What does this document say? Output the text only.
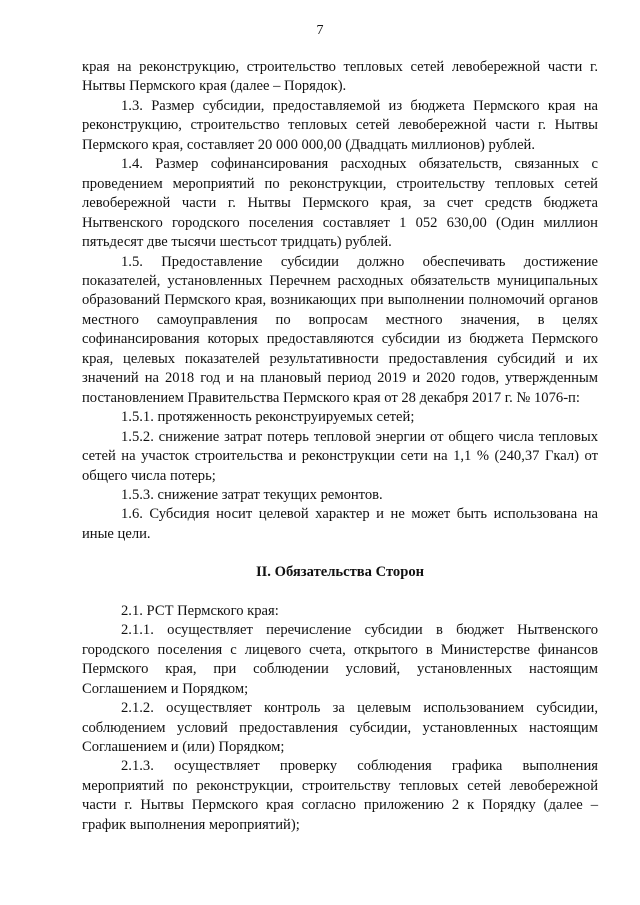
7

края на реконструкцию, строительство тепловых сетей левобережной части г. Нытвы Пермского края (далее – Порядок).

1.3. Размер субсидии, предоставляемой из бюджета Пермского края на реконструкцию, строительство тепловых сетей левобережной части г. Нытвы Пермского края, составляет 20 000 000,00 (Двадцать миллионов) рублей.

1.4. Размер софинансирования расходных обязательств, связанных с проведением мероприятий по реконструкции, строительству тепловых сетей левобережной части г. Нытвы Пермского края, за счет средств бюджета Нытвенского городского поселения составляет 1 052 630,00 (Один миллион пятьдесят две тысячи шестьсот тридцать) рублей.

1.5. Предоставление субсидии должно обеспечивать достижение показателей, установленных Перечнем расходных обязательств муниципальных образований Пермского края, возникающих при выполнении полномочий органов местного самоуправления по вопросам местного значения, в целях софинансирования которых предоставляются субсидии из бюджета Пермского края, целевых показателей результативности предоставления субсидий и их значений на 2018 год и на плановый период 2019 и 2020 годов, утвержденным постановлением Правительства Пермского края от 28 декабря 2017 г. № 1076-п:

1.5.1. протяженность реконструируемых сетей;

1.5.2. снижение затрат потерь тепловой энергии от общего числа тепловых сетей на участок строительства и реконструкции сети на 1,1 % (240,37 Гкал) от общего числа потерь;

1.5.3. снижение затрат текущих ремонтов.

1.6. Субсидия носит целевой характер и не может быть использована на иные цели.

II. Обязательства Сторон

2.1. РСТ Пермского края:

2.1.1. осуществляет перечисление субсидии в бюджет Нытвенского городского поселения с лицевого счета, открытого в Министерстве финансов Пермского края, при соблюдении условий, установленных настоящим Соглашением и Порядком;

2.1.2. осуществляет контроль за целевым использованием субсидии, соблюдением условий предоставления субсидии, установленных настоящим Соглашением и (или) Порядком;

2.1.3. осуществляет проверку соблюдения графика выполнения мероприятий по реконструкции, строительству тепловых сетей левобережной части г. Нытвы Пермского края согласно приложению 2 к Порядку (далее – график выполнения мероприятий);
